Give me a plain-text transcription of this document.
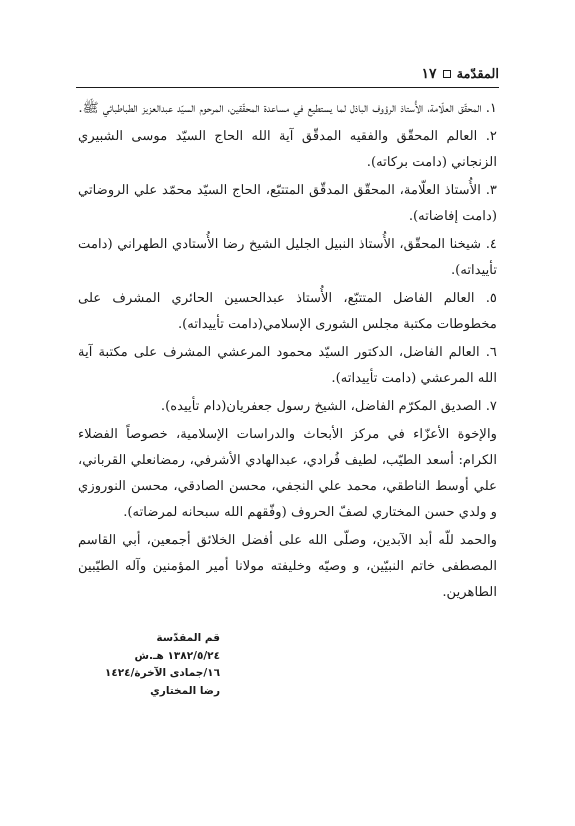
المقدّمة
١٧

١. المحقّق العلّامة، الأُستاذ الرؤوف الباذل لما يستطيع في مساعدة المحقّقين، المرحوم السيّد عبدالعزيز الطباطبائي ﷺ.

٢. العالم المحقّق والفقيه المدقّق آية الله الحاج السيّد موسى الشبيري الزنجاني (دامت بركاته).

٣. الأُستاذ العلّامة، المحقّق المدقّق المتتبّع، الحاج السيّد محمّد علي الروضاتي (دامت إفاضاته).

٤. شيخنا المحقّق، الأُستاذ النبيل الجليل الشيخ رضا الأُستادي الطهراني (دامت تأييداته).

٥. العالم الفاضل المتتبّع، الأُستاذ عبدالحسين الحائري المشرف على مخطوطات مكتبة مجلس الشورى الإسلامي(دامت تأييداته).

٦. العالم الفاضل، الدكتور السيّد محمود المرعشي المشرف على مكتبة آية الله المرعشي (دامت تأييداته).

٧. الصديق المكرّم الفاضل، الشيخ رسول جعفريان(دام تأييده).

والإخوة الأعزّاء في مركز الأبحاث والدراسات الإسلامية، خصوصاً الفضلاء الكرام: أسعد الطيّب، لطيف فُرادي، عبدالهادي الأشرفي، رمضانعلي القرباني، علي أوسط الناطقي، محمد علي النجفي، محسن الصادقي، محسن النوروزي و ولدي حسن المختاري لصفّ الحروف (وفّقهم الله سبحانه لمرضاته).

والحمد للّه أبد الآبدين، وصلّى الله على أفضل الخلائق أجمعين، أبي القاسم المصطفى خاتم النبيّين، و وصيّه وخليفته مولانا أمير المؤمنين وآله الطيّبين الطاهرين.

قم المقدّسة
١٣٨٢/٥/٢٤ هـ.ش
١٦/جمادى الآخرة/١٤٢٤
رضا المختاري
